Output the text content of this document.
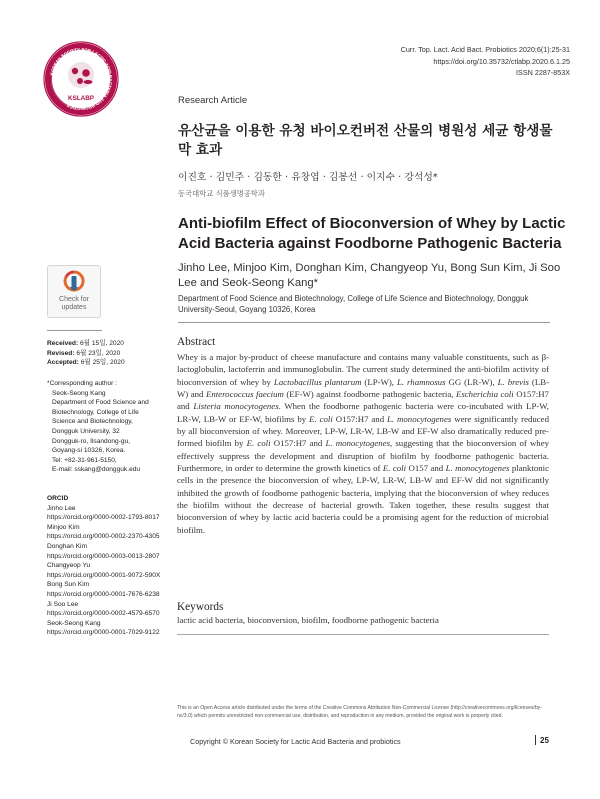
Curr. Top. Lact. Acid Bact. Probiotics 2020;6(1):25-31
https://doi.org/10.35732/ctlabp.2020.6.1.25
ISSN 2287-853X
KOREAN SOCIETY FOR LACTIC ACID BACTERIA AND PROBIOTICS
KSLABP	Research Article
유산균을 이용한 유청 바이오컨버전 산물의 병원성 세균 항생물막 효과
이진호 · 김민주 · 김동한 · 유창엽 · 김봉선 · 이지수 · 강석성*
동국대학교 식품생명공학과
Anti-biofilm Effect of Bioconversion of Whey by Lactic Acid Bacteria against Foodborne Pathogenic Bacteria
Jinho Lee, Minjoo Kim, Donghan Kim, Changyeop Yu, Bong Sun Kim, Ji Soo Lee and Seok-Seong Kang*
Department of Food Science and Biotechnology, College of Life Science and Biotechnology, Dongguk University-Seoul, Goyang 10326, Korea
Check for
updates
Received: 6월 15일, 2020
Revised: 6월 23일, 2020
Accepted: 6월 25일, 2020
*Corresponding author :
Seok-Seong Kang
Department of Food Science and
Biotechnology, College of Life
Science and Biotechnology,
Dongguk University, 32
Dongguk-ro, Ilsandong-gu,
Goyang-si 10326, Korea.
Tel: +82-31-961-5150,
E-mail: sskang@dongguk.edu
ORCID
Jinho Lee
https://orcid.org/0000-0002-1793-8017
Minjoo Kim
https://orcid.org/0000-0002-2370-4305
Donghan Kim
https://orcid.org/0000-0003-0013-2807
Changyeop Yu
https://orcid.org/0000-0001-9072-590X
Bong Sun Kim
https://orcid.org/0000-0001-7676-6238
Ji Soo Lee
https://orcid.org/0000-0002-4579-6570
Seok-Seong Kang
https://orcid.org/0000-0001-7029-9122
Abstract
Whey is a major by-product of cheese manufacture and contains many valuable constituents, such as β-lactoglobulin, lactoferrin and immunoglobulin. The current study determined the anti-biofilm activity of bioconversion of whey by Lactobacillus plantarum (LP-W), L. rhamnosus GG (LR-W), L. brevis (LB-W) and Enterococcus faecium (EF-W) against foodborne pathogenic bacteria, Escherichia coli O157:H7 and Listeria monocytogenes. When the foodborne pathogenic bacteria were co-incubated with LP-W, LR-W, LB-W or EF-W, biofilms by E. coli O157:H7 and L. monocytogenes were significantly reduced by all bioconversion of whey. Moreover, LP-W, LR-W, LB-W and EF-W also dramatically reduced pre-formed biofilm by E. coli O157:H7 and L. monocytogenes, suggesting that the bioconversion of whey effectively suppress the development and disruption of biofilm by foodborne pathogenic bacteria. Furthermore, in order to determine the growth kinetics of E. coli O157 and L. monocytogenes planktonic cells in the presence the bioconversion of whey, LP-W, LR-W, LB-W and EF-W did not significantly inhibited the growth of foodborne pathogenic bacteria, implying that the bioconversion of whey reduces the biofilm without the decrease of bacterial growth. Taken together, these results suggest that bioconversion of whey by lactic acid bacteria could be a promising agent for the reduction of microbial biofilm.
Keywords
lactic acid bacteria, bioconversion, biofilm, foodborne pathogenic bacteria
This is an Open Access article distributed under the terms of the Creative Commons Attribution Non-Commercial License (http://creativecommons.org/licenses/by-nc/3.0) which permits unrestricted non-commercial use, distribution, and reproduction in any medium, provided the original work is properly cited.
Copyright © Korean Society for Lactic Acid Bacteria and probiotics	25
